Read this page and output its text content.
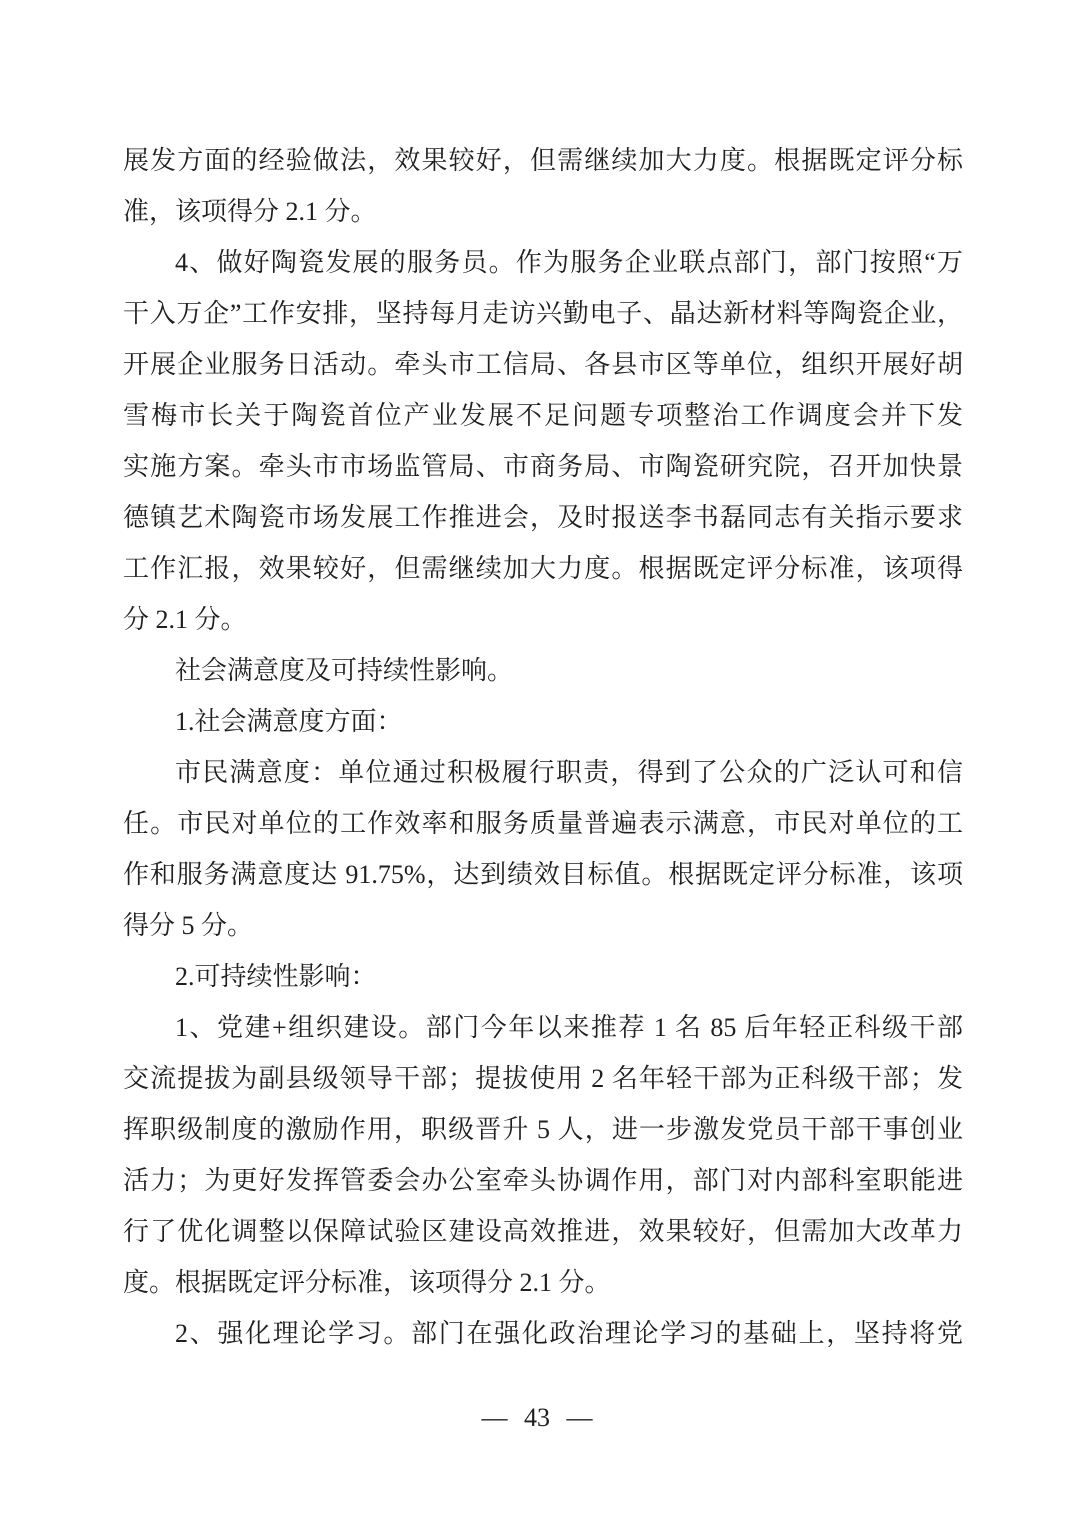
展发方面的经验做法，效果较好，但需继续加大力度。根据既定评分标
准，该项得分 2.1 分。
4、做好陶瓷发展的服务员。作为服务企业联点部门，部门按照“万
干入万企”工作安排，坚持每月走访兴勤电子、晶达新材料等陶瓷企业，
开展企业服务日活动。牵头市工信局、各县市区等单位，组织开展好胡
雪梅市长关于陶瓷首位产业发展不足问题专项整治工作调度会并下发
实施方案。牵头市市场监管局、市商务局、市陶瓷研究院，召开加快景
德镇艺术陶瓷市场发展工作推进会，及时报送李书磊同志有关指示要求
工作汇报，效果较好，但需继续加大力度。根据既定评分标准，该项得
分 2.1 分。
社会满意度及可持续性影响。
1.社会满意度方面：
市民满意度：单位通过积极履行职责，得到了公众的广泛认可和信
任。市民对单位的工作效率和服务质量普遍表示满意，市民对单位的工
作和服务满意度达 91.75%，达到绩效目标值。根据既定评分标准，该项
得分 5 分。
2.可持续性影响：
1、党建+组织建设。部门今年以来推荐 1 名 85 后年轻正科级干部
交流提拔为副县级领导干部；提拔使用 2 名年轻干部为正科级干部；发
挥职级制度的激励作用，职级晋升 5 人，进一步激发党员干部干事创业
活力；为更好发挥管委会办公室牵头协调作用，部门对内部科室职能进
行了优化调整以保障试验区建设高效推进，效果较好，但需加大改革力
度。根据既定评分标准，该项得分 2.1 分。
2、强化理论学习。部门在强化政治理论学习的基础上，坚持将党
— 43 —
